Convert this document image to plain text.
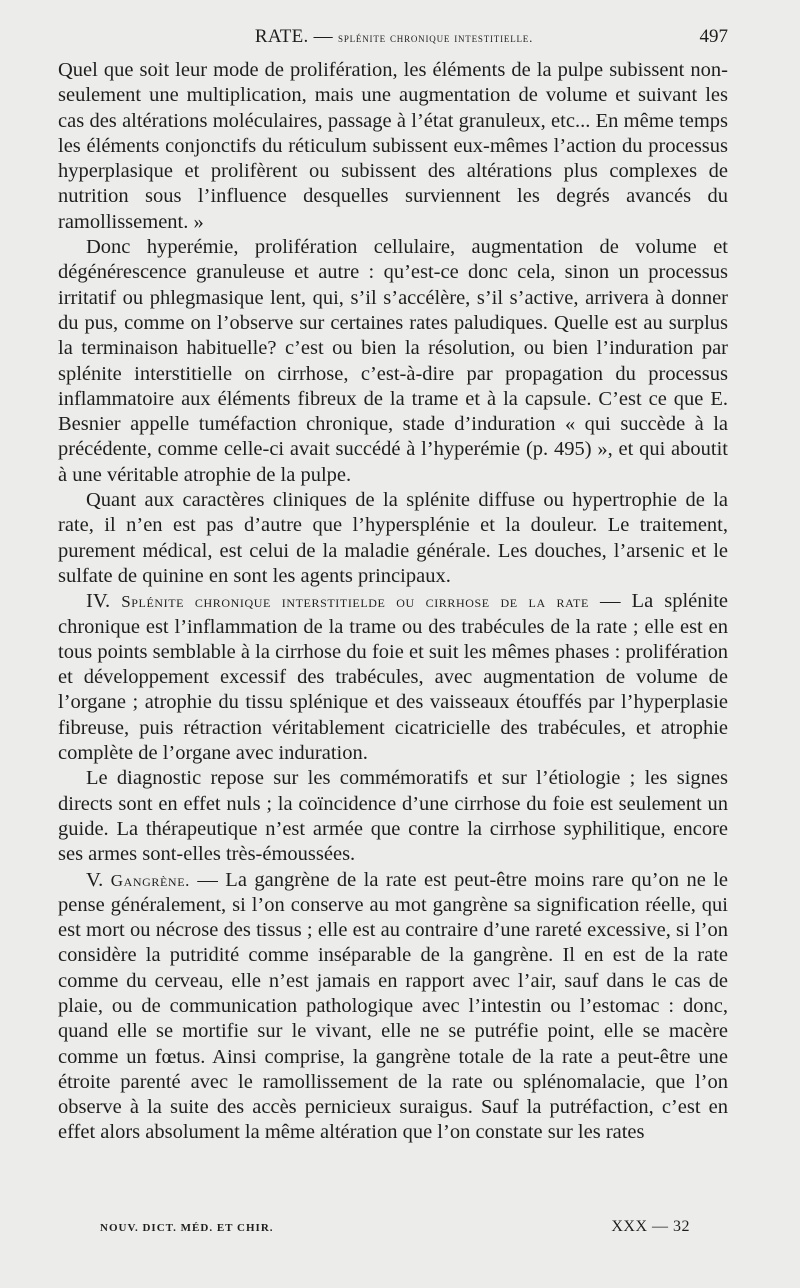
RATE. — splénite chronique intestitielle.	497

Quel que soit leur mode de prolifération, les éléments de la pulpe subissent non-seulement une multiplication, mais une augmentation de volume et suivant les cas des altérations moléculaires, passage à l’état granuleux, etc... En même temps les éléments conjonctifs du réticulum subissent eux-mêmes l’action du processus hyperplasique et prolifèrent ou subissent des altérations plus complexes de nutrition sous l’influence desquelles surviennent les degrés avancés du ramollissement. »

Donc hyperémie, prolifération cellulaire, augmentation de volume et dégénérescence granuleuse et autre : qu’est-ce donc cela, sinon un processus irritatif ou phlegmasique lent, qui, s’il s’accélère, s’il s’active, arrivera à donner du pus, comme on l’observe sur certaines rates paludiques. Quelle est au surplus la terminaison habituelle? c’est ou bien la résolution, ou bien l’induration par splénite interstitielle on cirrhose, c’est-à-dire par propagation du processus inflammatoire aux éléments fibreux de la trame et à la capsule. C’est ce que E. Besnier appelle tuméfaction chronique, stade d’induration « qui succède à la précédente, comme celle-ci avait succédé à l’hyperémie (p. 495) », et qui aboutit à une véritable atrophie de la pulpe.

Quant aux caractères cliniques de la splénite diffuse ou hypertrophie de la rate, il n’en est pas d’autre que l’hypersplénie et la douleur. Le traitement, purement médical, est celui de la maladie générale. Les douches, l’arsenic et le sulfate de quinine en sont les agents principaux.

IV. Splénite chronique interstitielde ou cirrhose de la rate — La splénite chronique est l’inflammation de la trame ou des trabécules de la rate ; elle est en tous points semblable à la cirrhose du foie et suit les mêmes phases : prolifération et développement excessif des trabécules, avec augmentation de volume de l’organe ; atrophie du tissu splénique et des vaisseaux étouffés par l’hyperplasie fibreuse, puis rétraction véritablement cicatricielle des trabécules, et atrophie complète de l’organe avec induration.

Le diagnostic repose sur les commémoratifs et sur l’étiologie ; les signes directs sont en effet nuls ; la coïncidence d’une cirrhose du foie est seulement un guide. La thérapeutique n’est armée que contre la cirrhose syphilitique, encore ses armes sont-elles très-émoussées.

V. Gangrène. — La gangrène de la rate est peut-être moins rare qu’on ne le pense généralement, si l’on conserve au mot gangrène sa signification réelle, qui est mort ou nécrose des tissus ; elle est au contraire d’une rareté excessive, si l’on considère la putridité comme inséparable de la gangrène. Il en est de la rate comme du cerveau, elle n’est jamais en rapport avec l’air, sauf dans le cas de plaie, ou de communication pathologique avec l’intestin ou l’estomac : donc, quand elle se mortifie sur le vivant, elle ne se putréfie point, elle se macère comme un fœtus. Ainsi comprise, la gangrène totale de la rate a peut-être une étroite parenté avec le ramollissement de la rate ou splénomalacie, que l’on observe à la suite des accès pernicieux suraigus. Sauf la putréfaction, c’est en effet alors absolument la même altération que l’on constate sur les rates

NOUV. DICT. MÉD. ET CHIR.	XXX — 32
